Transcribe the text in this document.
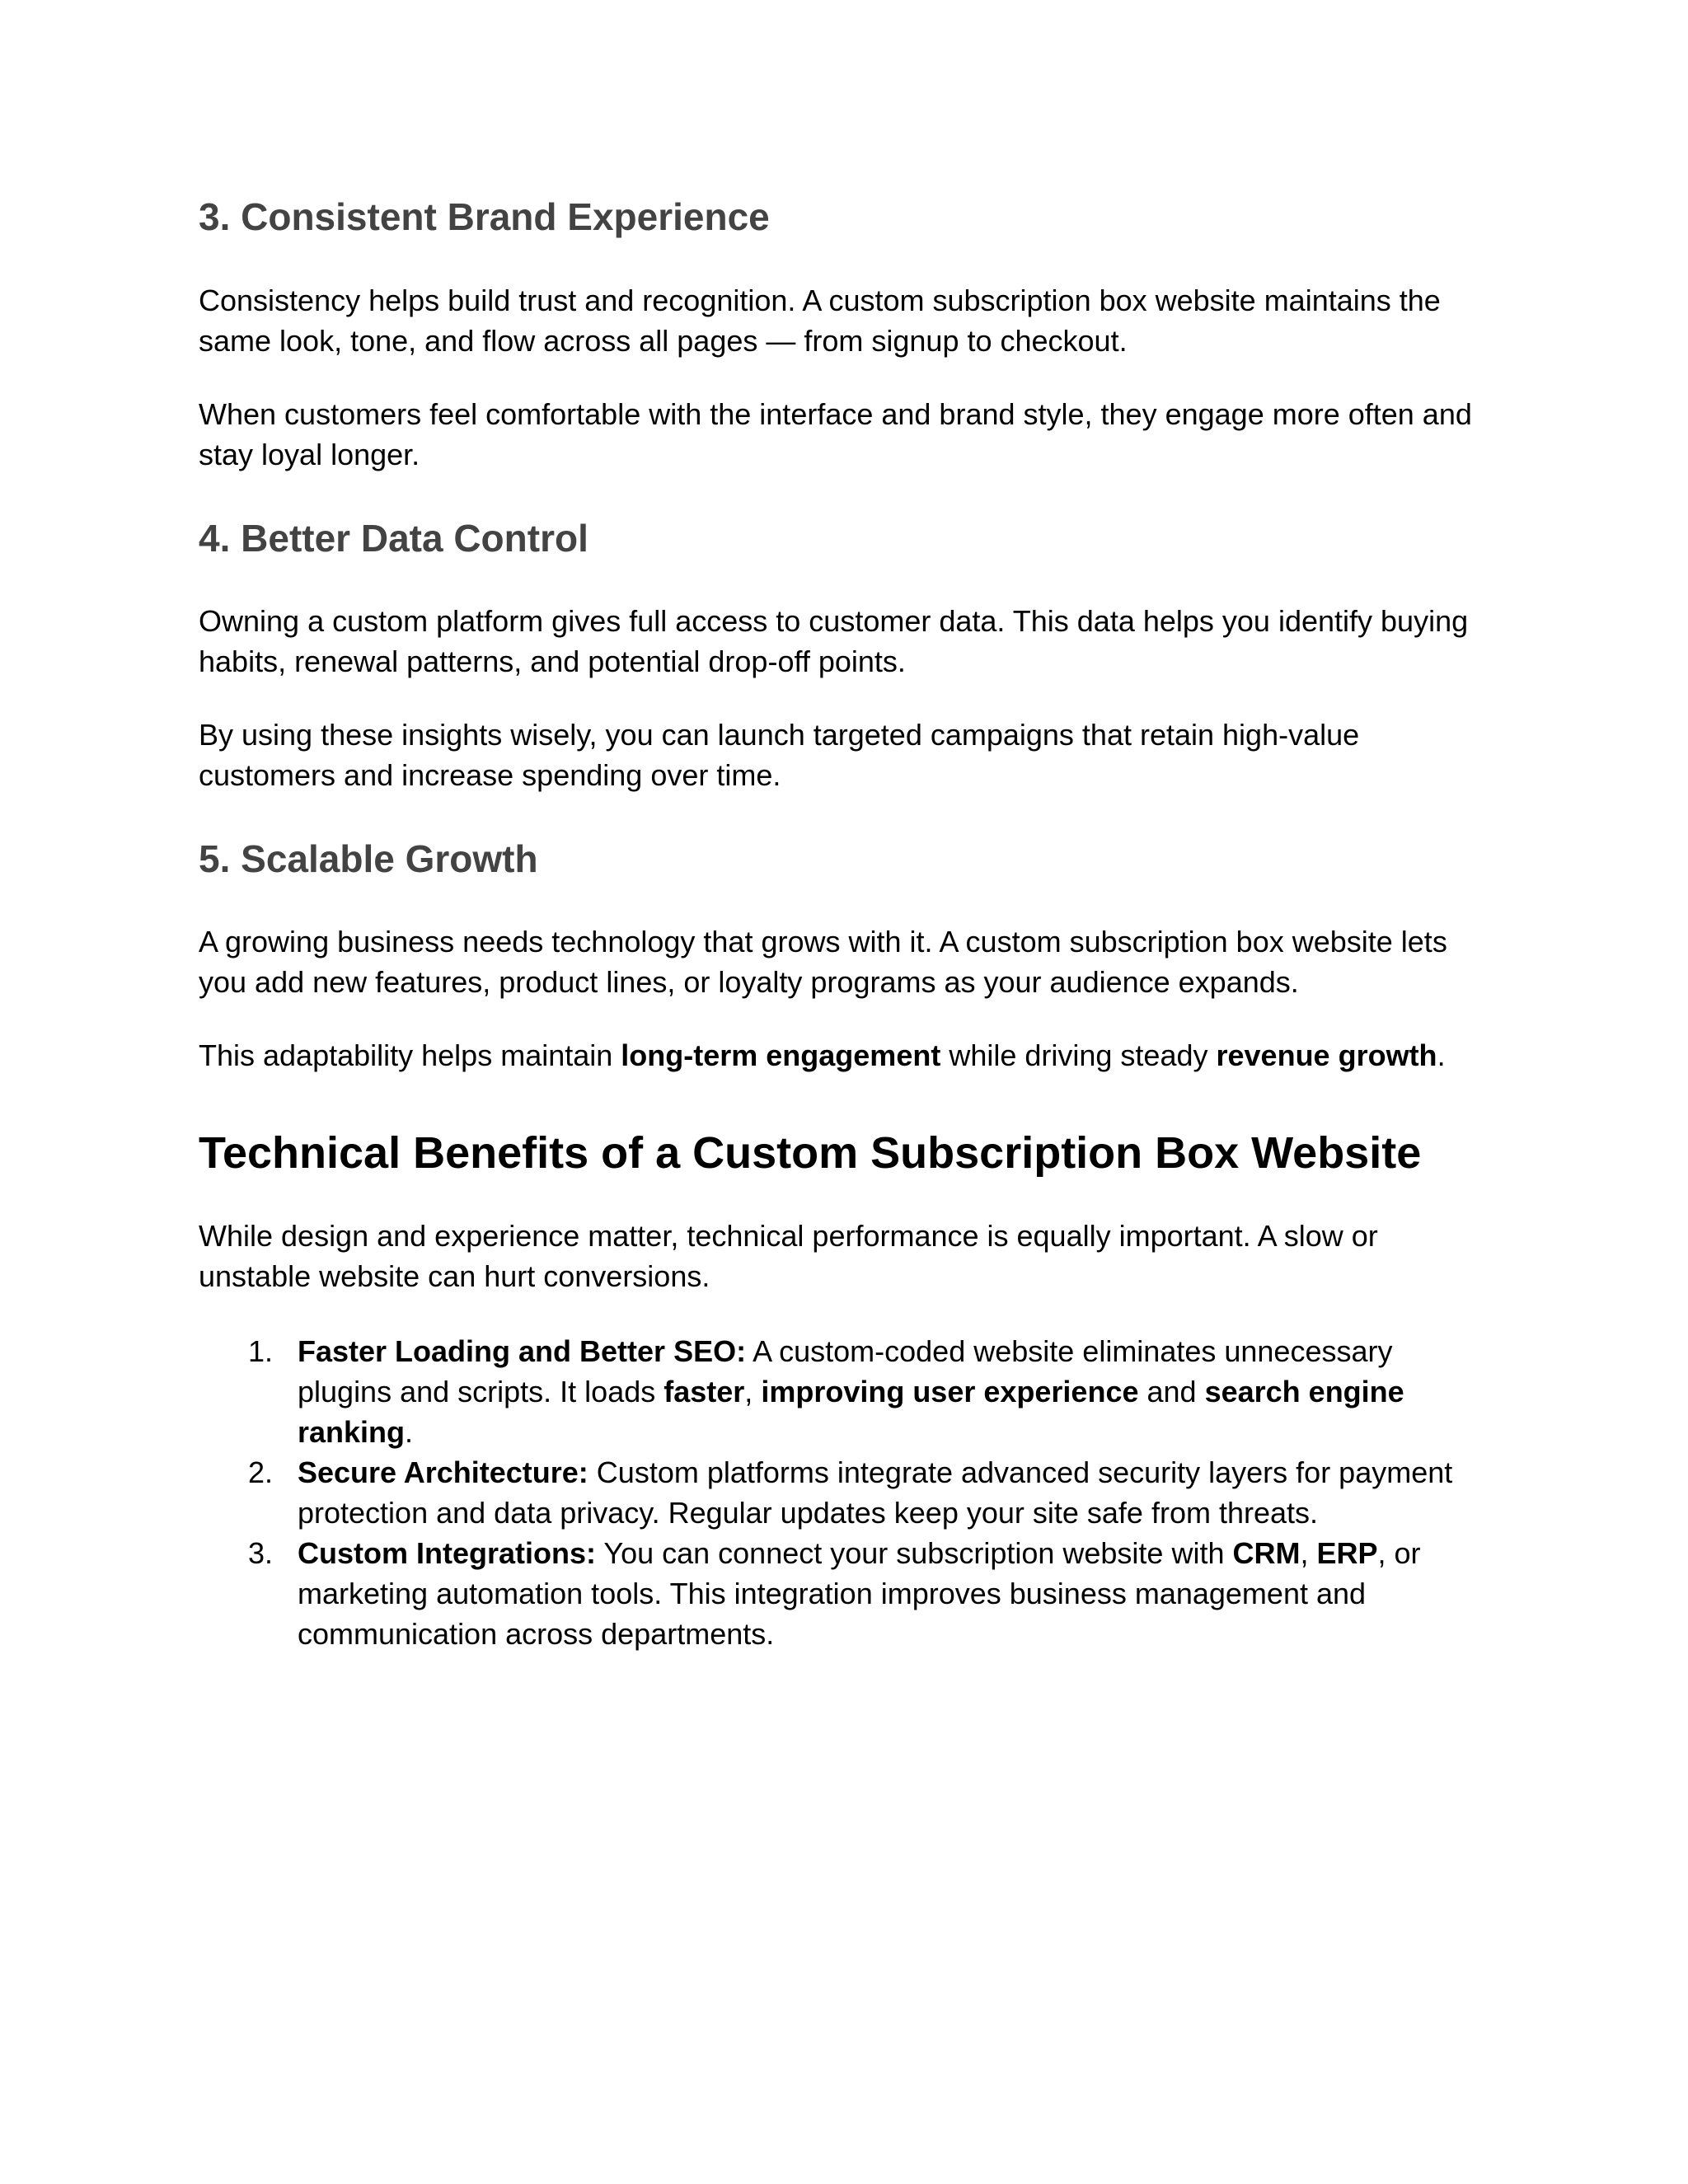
3. Consistent Brand Experience

Consistency helps build trust and recognition. A custom subscription box website maintains the same look, tone, and flow across all pages — from signup to checkout.

When customers feel comfortable with the interface and brand style, they engage more often and stay loyal longer.

4. Better Data Control

Owning a custom platform gives full access to customer data. This data helps you identify buying habits, renewal patterns, and potential drop-off points.

By using these insights wisely, you can launch targeted campaigns that retain high-value customers and increase spending over time.

5. Scalable Growth

A growing business needs technology that grows with it. A custom subscription box website lets you add new features, product lines, or loyalty programs as your audience expands.

This adaptability helps maintain long-term engagement while driving steady revenue growth.

Technical Benefits of a Custom Subscription Box Website

While design and experience matter, technical performance is equally important. A slow or unstable website can hurt conversions.

1. Faster Loading and Better SEO: A custom-coded website eliminates unnecessary plugins and scripts. It loads faster, improving user experience and search engine ranking.
2. Secure Architecture: Custom platforms integrate advanced security layers for payment protection and data privacy. Regular updates keep your site safe from threats.
3. Custom Integrations: You can connect your subscription website with CRM, ERP, or marketing automation tools. This integration improves business management and communication across departments.
